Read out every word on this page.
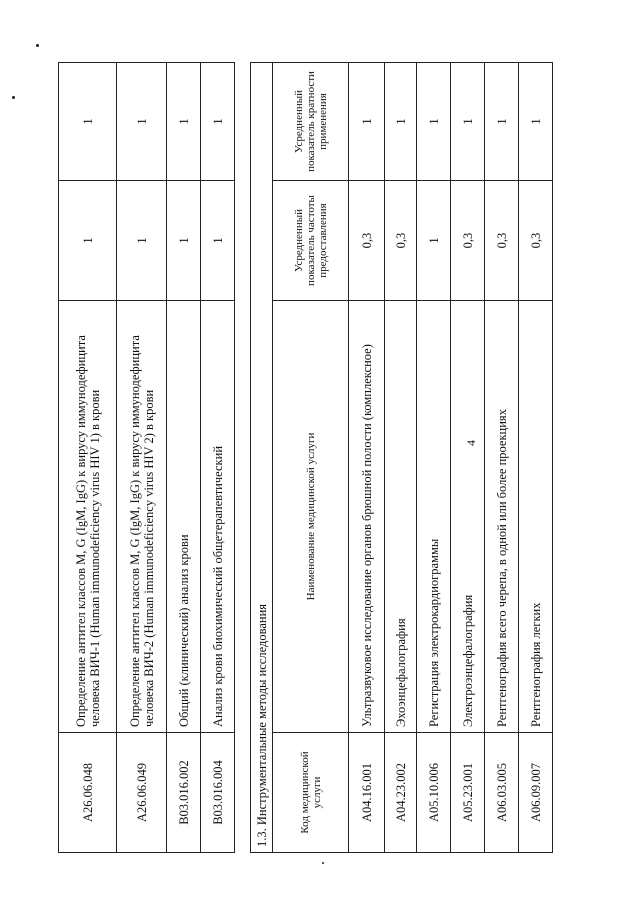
4
A26.06.048	Определение антител классов M, G (IgM, IgG) к вирусу иммунодефицита человека ВИЧ-1 (Human immunodeficiency virus HIV 1) в крови	1	1
A26.06.049	Определение антител классов M, G (IgM, IgG) к вирусу иммунодефицита человека ВИЧ-2 (Human immunodeficiency virus HIV 2) в крови	1	1
B03.016.002	Общий (клинический) анализ крови	1	1
B03.016.004	Анализ крови биохимический общетерапевтический	1	1
1.3. Инструментальные методы исследования			
Код медицинской услуги	Наименование медицинской услуги	Усредненный показатель частоты предоставления	Усредненный показатель кратности применения
A04.16.001	Ультразвуковое исследование органов брюшной полости (комплексное)	0,3	1
A04.23.002	Эхоэнцефалография	0,3	1
A05.10.006	Регистрация электрокардиограммы	1	1
A05.23.001	Электроэнцефалография	0,3	1
A06.03.005	Рентгенография всего черепа, в одной или более проекциях	0,3	1
A06.09.007	Рентгенография легких	0,3	1
